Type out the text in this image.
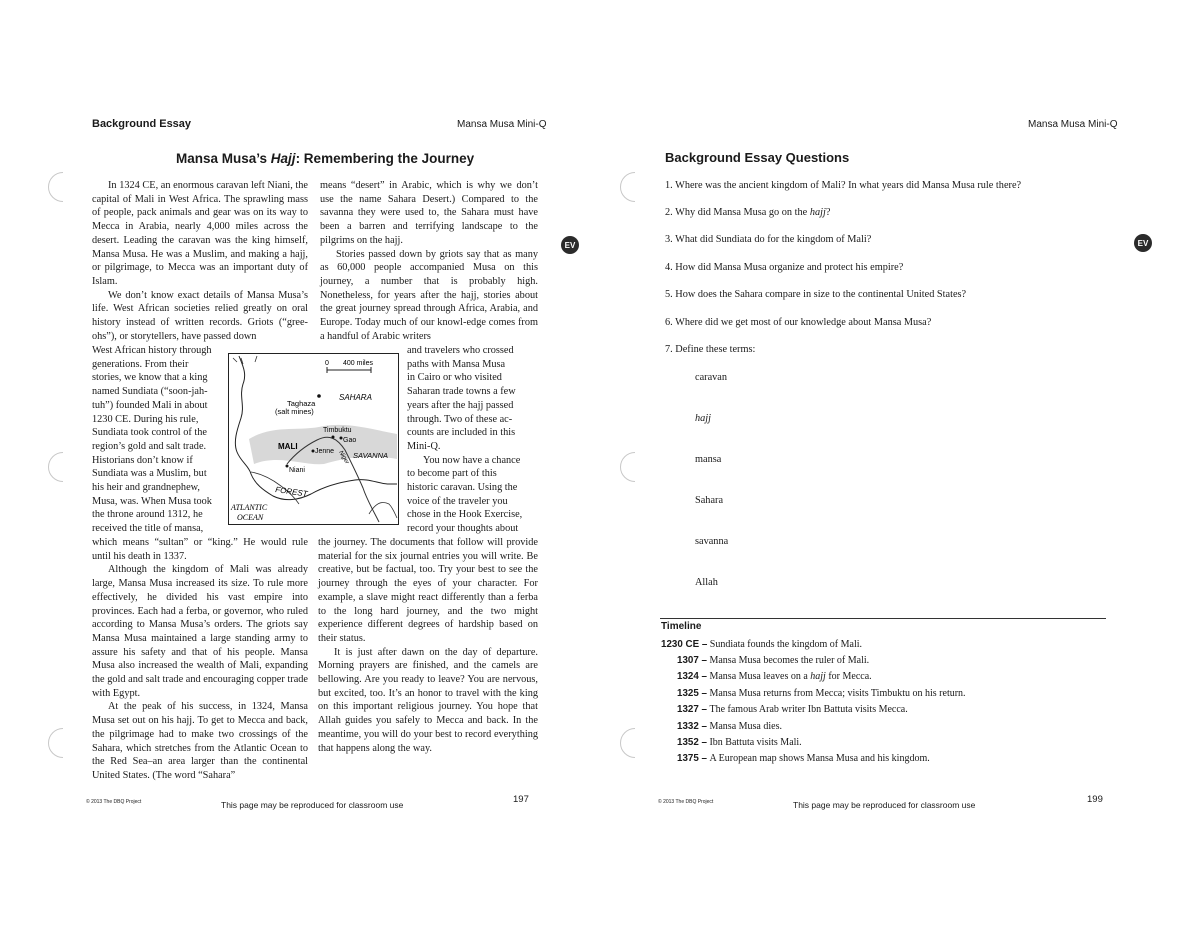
Background Essay	Mansa Musa Mini-Q
Mansa Musa’s Hajj: Remembering the Journey
EV

In 1324 CE, an enormous caravan left Niani, the capital of Mali in West Africa. The sprawling mass of people, pack animals and gear was on its way to Mecca in Arabia, nearly 4,000 miles across the desert. Leading the caravan was the king himself, Mansa Musa. He was a Muslim, and making a hajj, or pilgrimage, to Mecca was an important duty of Islam.

We don’t know exact details of Mansa Musa’s life. West African societies relied greatly on oral history instead of written records. Griots (“gree-ohs”), or storytellers, have passed down

West African history through
generations. From their
stories, we know that a king
named Sundiata (“soon-jah-
tuh”) founded Mali in about
1230 CE. During his rule,
Sundiata took control of the
region’s gold and salt trade.
Historians don’t know if
Sundiata was a Muslim, but
his heir and grandnephew,
Musa, was. When Musa took
the throne around 1312, he
received the title of mansa,

which means “sultan” or “king.” He would rule until his death in 1337.

Although the kingdom of Mali was already large, Mansa Musa increased its size. To rule more effectively, he divided his vast empire into provinces. Each had a ferba, or governor, who ruled according to Mansa Musa’s orders. The griots say Mansa Musa maintained a large standing army to assure his safety and that of his people. Mansa Musa also increased the wealth of Mali, expanding the gold and salt trade and encouraging copper trade with Egypt.

At the peak of his success, in 1324, Mansa Musa set out on his hajj. To get to Mecca and back, the pilgrimage had to make two crossings of the Sahara, which stretches from the Atlantic Ocean to the Red Sea–an area larger than the continental United States. (The word “Sahara”

means “desert” in Arabic, which is why we don’t use the name Sahara Desert.) Compared to the savanna they were used to, the Sahara must have been a barren and terrifying landscape to the pilgrims on the hajj.

Stories passed down by griots say that as many as 60,000 people accompanied Musa on this journey, a number that is probably high. Nonetheless, for years after the hajj, stories about the great journey spread through Africa, Arabia, and Europe. Today much of our knowl-edge comes from a handful of Arabic writers

and travelers who crossed
paths with Mansa Musa
in Cairo or who visited
Saharan trade towns a few
years after the hajj passed
through. Two of these ac-
counts are included in this
Mini-Q.
You now have a chance
to become part of this
historic caravan. Using the
voice of the traveler you
chose in the Hook Exercise,
record your thoughts about

the journey. The documents that follow will provide material for the six journal entries you will write. Be creative, but be factual, too. Try your best to see the journey through the eyes of your character. For example, a slave might react differently than a ferba to the long hard journey, and the two might experience different degrees of hardship based on their status.

It is just after dawn on the day of departure. Morning prayers are finished, and the camels are bellowing. Are you ready to leave? You are nervous, but excited, too. It’s an honor to travel with the king on this important religious journey. You hope that Allah guides you safely to Mecca and back. In the meantime, you will do your best to record everything that happens along the way.

0 400 miles
Taghaza
(salt mines)
SAHARA
Timbuktu
Gao
MALI
Jenne	SAVANNA
Niger
Niani
FOREST
ATLANTIC
OCEAN
© 2013 The DBQ Project	This page may be reproduced for classroom use	197
Mansa Musa Mini-Q
Background Essay Questions
EV
1. Where was the ancient kingdom of Mali? In what years did Mansa Musa rule there?
2. Why did Mansa Musa go on the hajj?
3. What did Sundiata do for the kingdom of Mali?
4. How did Mansa Musa organize and protect his empire?
5. How does the Sahara compare in size to the continental United States?
6. Where did we get most of our knowledge about Mansa Musa?
7. Define these terms:
caravan
hajj
mansa
Sahara
savanna
Allah
Timeline
1230 CE – Sundiata founds the kingdom of Mali.
1307 – Mansa Musa becomes the ruler of Mali.
1324 – Mansa Musa leaves on a hajj for Mecca.
1325 – Mansa Musa returns from Mecca; visits Timbuktu on his return.
1327 – The famous Arab writer Ibn Battuta visits Mecca.
1332 – Mansa Musa dies.
1352 – Ibn Battuta visits Mali.
1375 – A European map shows Mansa Musa and his kingdom.
© 2013 The DBQ Project	This page may be reproduced for classroom use	199
